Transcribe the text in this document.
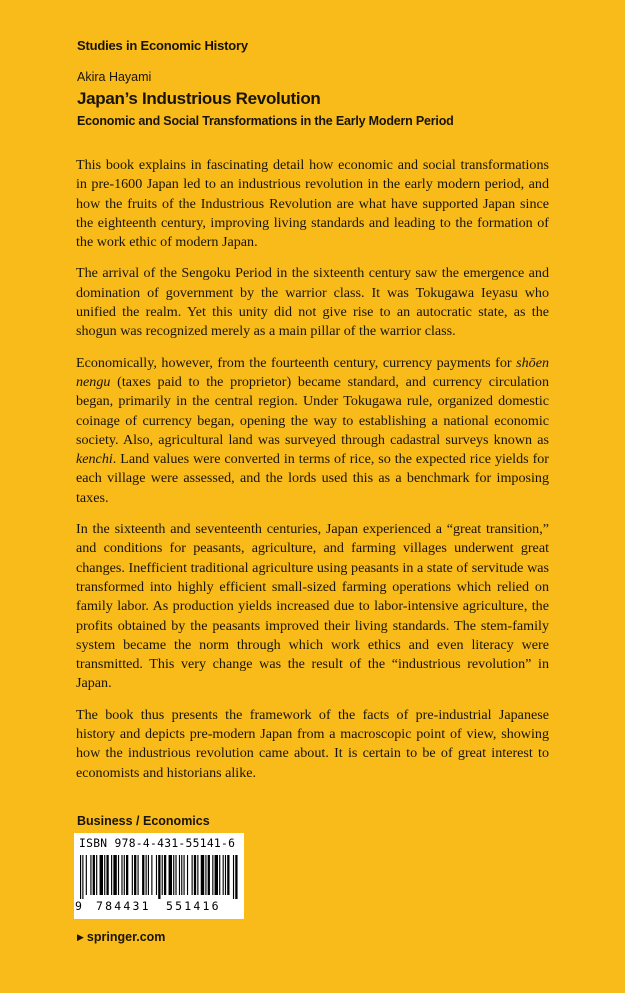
Studies in Economic History
Akira Hayami
Japan’s Industrious Revolution
Economic and Social Transformations in the Early Modern Period

This book explains in fascinating detail how economic and social transformations in pre-1600 Japan led to an industrious revolution in the early modern period, and how the fruits of the Industrious Revolution are what have supported Japan since the eighteenth century, improving living standards and leading to the formation of the work ethic of modern Japan.

The arrival of the Sengoku Period in the sixteenth century saw the emergence and domination of government by the warrior class. It was Tokugawa Ieyasu who unified the realm. Yet this unity did not give rise to an autocratic state, as the shogun was recognized merely as a main pillar of the warrior class.

Economically, however, from the fourteenth century, currency payments for shōen nengu (taxes paid to the proprietor) became standard, and currency circulation began, primarily in the central region. Under Tokugawa rule, organized domestic coinage of currency began, opening the way to establishing a national economic society. Also, agricultural land was surveyed through cadastral surveys known as kenchi. Land values were converted in terms of rice, so the expected rice yields for each village were assessed, and the lords used this as a benchmark for imposing taxes.

In the sixteenth and seventeenth centuries, Japan experienced a “great transition,” and conditions for peasants, agriculture, and farming villages underwent great changes. Inefficient traditional agriculture using peasants in a state of servitude was transformed into highly efficient small-sized farming operations which relied on family labor. As production yields increased due to labor-intensive agriculture, the profits obtained by the peasants improved their living standards. The stem-family system became the norm through which work ethics and even literacy were transmitted. This very change was the result of the “industrious revolution” in Japan.

The book thus presents the framework of the facts of pre-industrial Japanese history and depicts pre-modern Japan from a macroscopic point of view, showing how the industrious revolution came about. It is certain to be of great interest to economists and historians alike.

Business / Economics
ISBN 978-4-431-55141-6
9 784431 551416
▶ springer.com
